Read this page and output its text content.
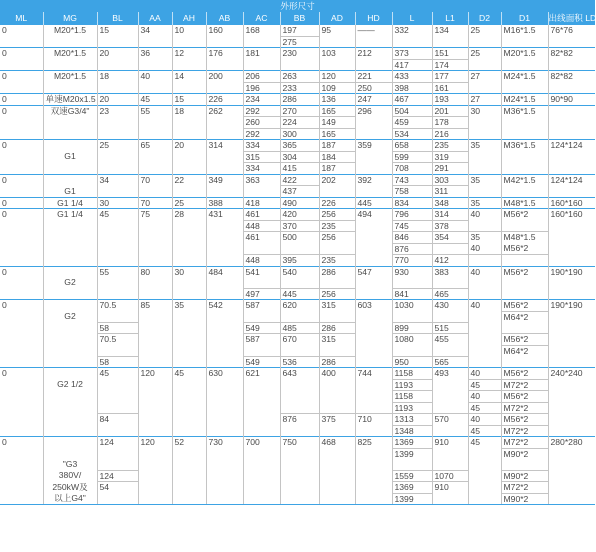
外形尺寸														
ML	MG	BL	AA	AH	AB	AC	BB	AD	HD	L	L1	D2	D1	出线面积 LD
0	M20*1.5	15	34	10	160	168	197	95	——	332	134	25	M16*1.5	76*76
							275							
0	M20*1.5	20	36	12	176	181	230	103	212	373	151	25	M20*1.5	82*82
										417	174			
0	M20*1.5	18	40	14	200	206	263	120	221	433	177	27	M24*1.5	82*82
						196	233	109	250	398	161			
0	单速M20x1.5	20	45	15	226	234	286	136	247	467	193	27	M24*1.5	90*90
0	双速G3/4"	23	55	18	262	292	270	165	296	504	201	30	M36*1.5	
						260	224	149		459	178			
						292	300	165		534	216			
0		25	65	20	314	334	365	187	359	658	235	35	M36*1.5	124*124
	G1					315	304	184		599	319			
						334	415	187		708	291			
0		34	70	22	349	363	422	202	392	743	303	35	M42*1.5	124*124
	G1						437			758	311			
0	G1 1/4	30	70	25	388	418	490	226	445	834	348	35	M48*1.5	160*160
0	G1 1/4	45	75	28	431	461	420	256	494	796	314	40	M56*2	160*160
						448	370	235		745	378			
						461	500	256		846	354	35	M48*1.5	
										876		40	M56*2	
						448	395	235		770	412			
0		55	80	30	484	541	540	286	547	930	383	40	M56*2	190*190
	G2													
						497	445	256		841	465			
0		70.5	85	35	542	587	620	315	603	1030	430	40	M56*2	190*190
	G2												M64*2	
		58				549	485	286		899	515			
		70.5				587	670	315		1080	455		M56*2	
													M64*2	
		58				549	536	286		950	565			
0		45	120	45	630	621	643	400	744	1158	493	40	M56*2	240*240
	G2 1/2									1193		45	M72*2	
										1158		40	M56*2	
										1193		45	M72*2	
		84					876	375	710	1313	570	40	M56*2	
										1348		45	M72*2	
0		124	120	52	730	700	750	468	825	1369	910	45	M72*2	280*280
										1399			M90*2	
	"G3													
	380V/	124								1559	1070		M90*2	
	250kW及	54								1369	910		M72*2	
	以上G4"									1399			M90*2	
